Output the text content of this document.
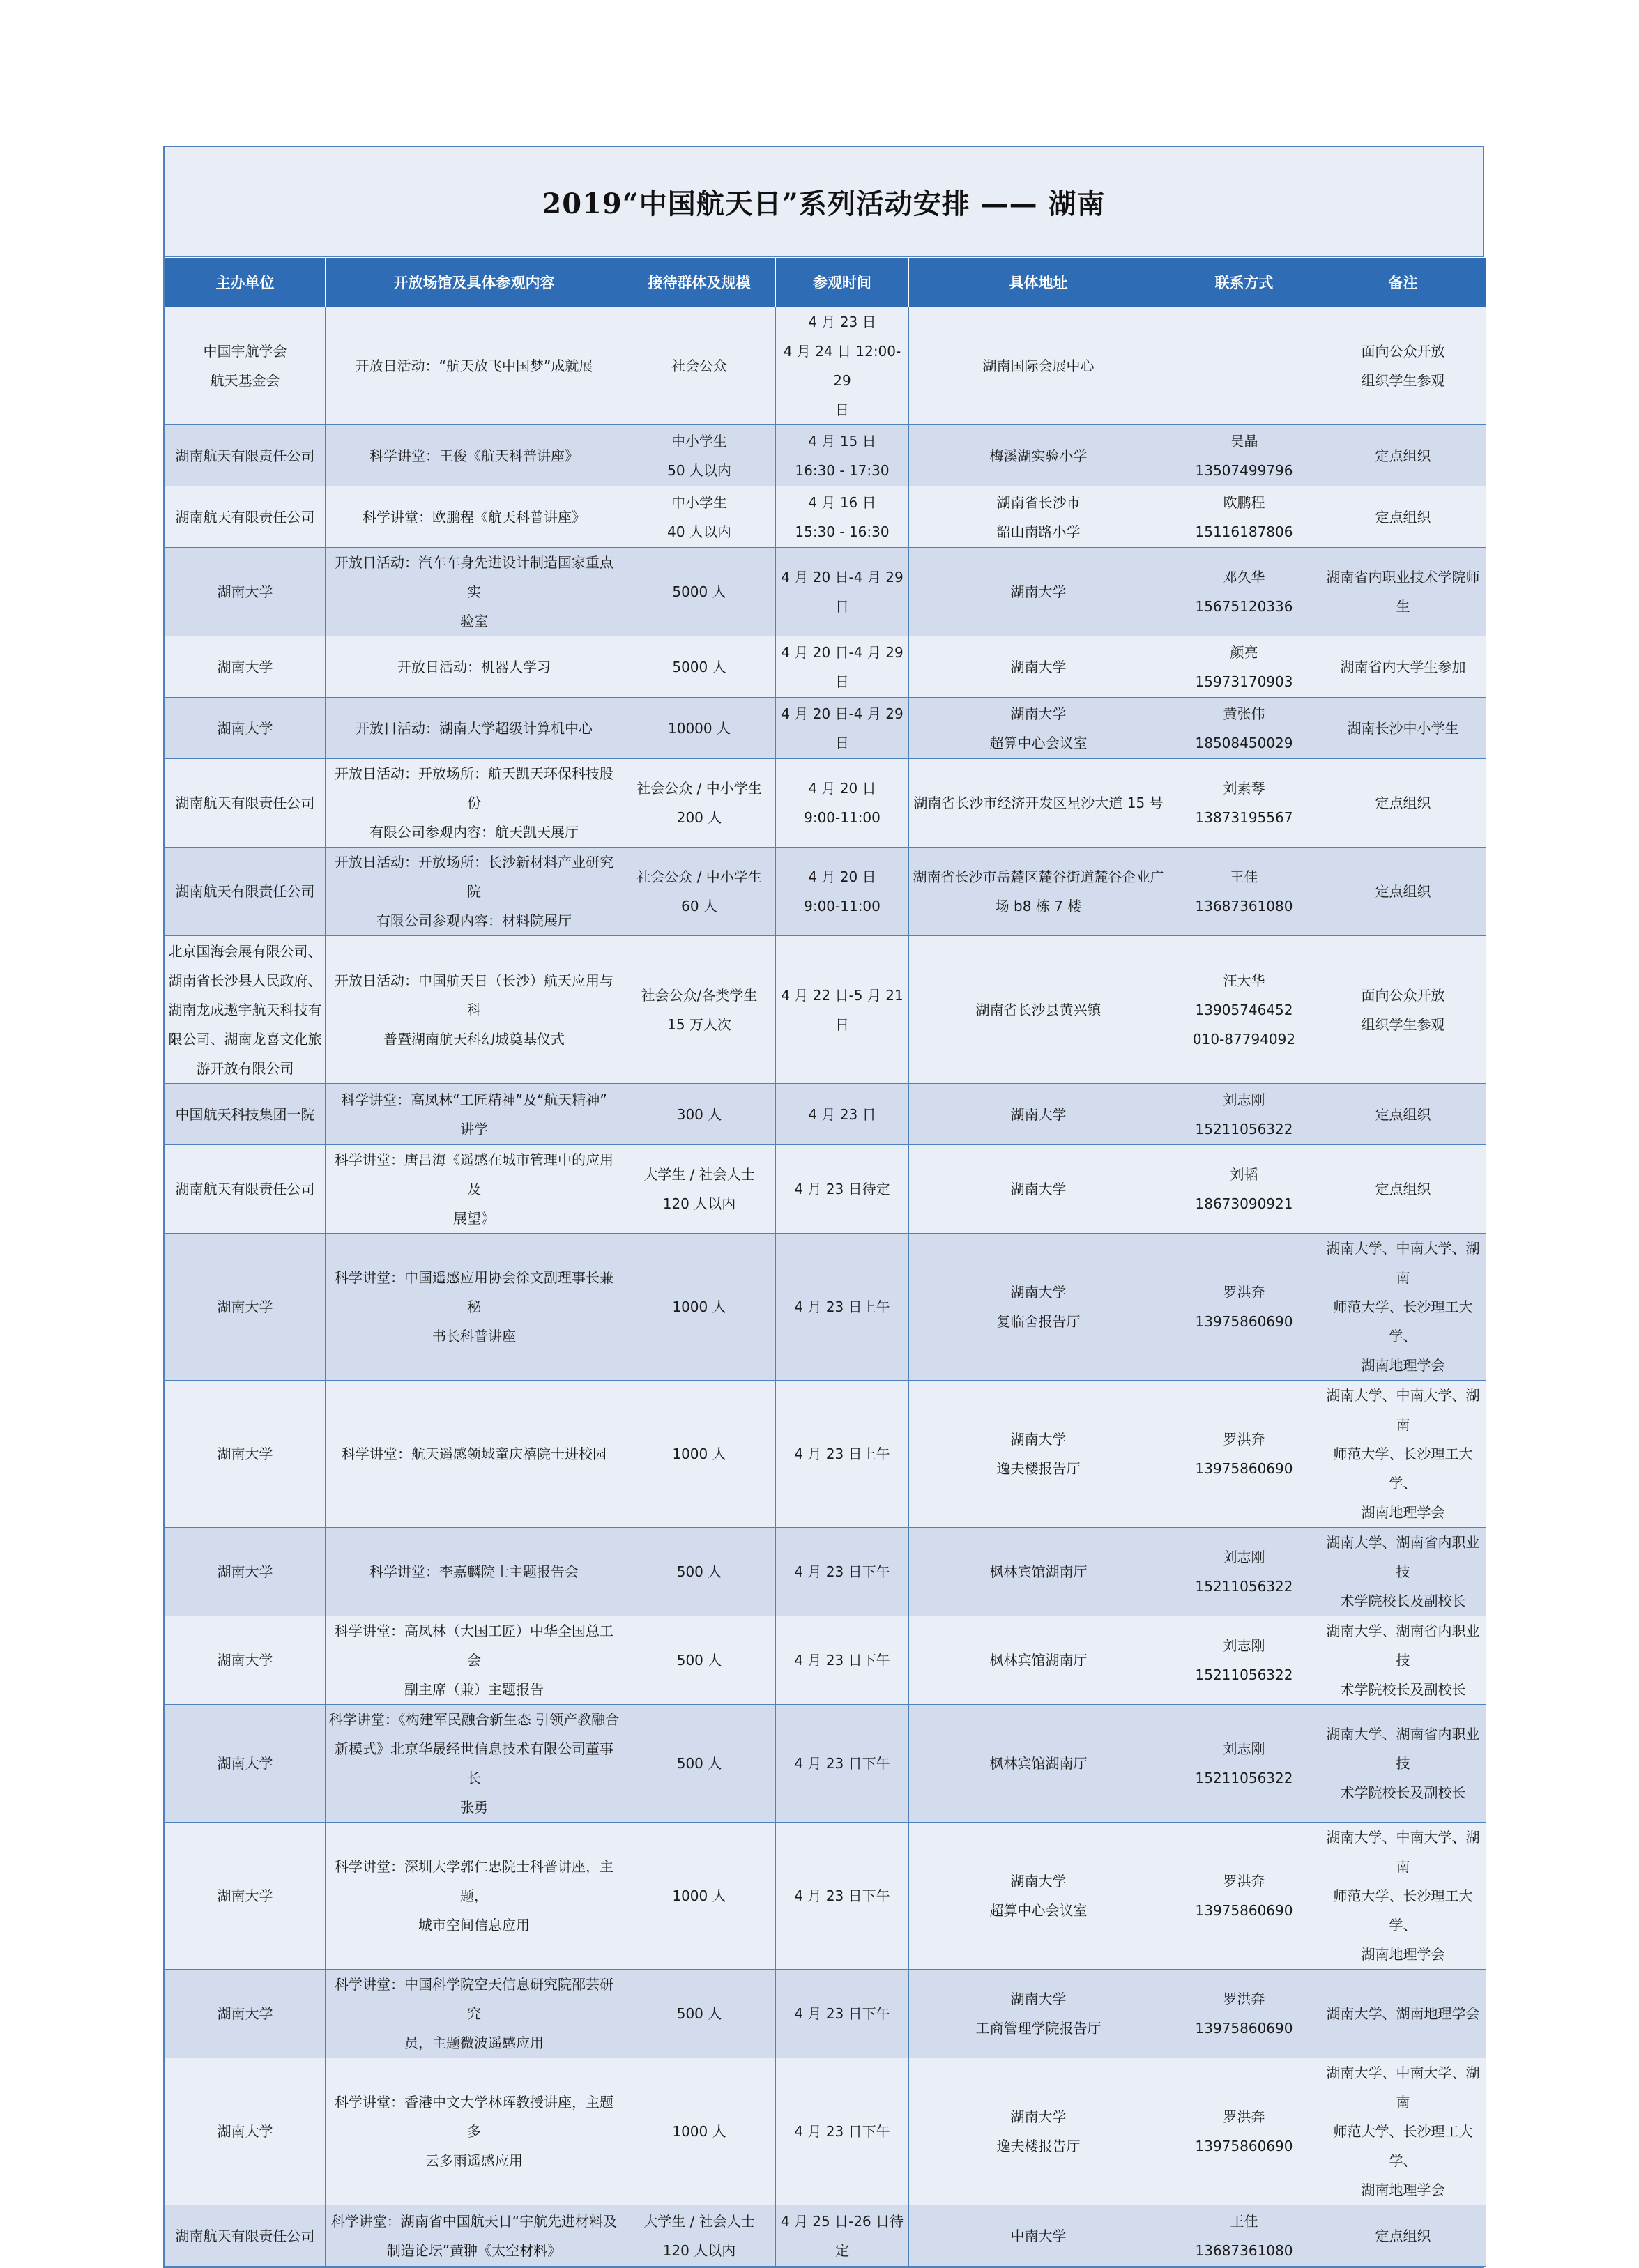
2019“中国航天日”系列活动安排 —— 湖南
主办单位	开放场馆及具体参观内容	接待群体及规模	参观时间	具体地址	联系方式	备注

中国宇航学会
航天基金会	开放日活动：“航天放飞中国梦”成就展	社会公众	4 月 23 日
4 月 24 日 12:00-29
日	湖南国际会展中心		面向公众开放
组织学生参观

湖南航天有限责任公司	科学讲堂：王俊《航天科普讲座》	中小学生
50 人以内	4 月 15 日
16:30 - 17:30	梅溪湖实验小学	吴晶
13507499796	定点组织

湖南航天有限责任公司	科学讲堂：欧鹏程《航天科普讲座》	中小学生
40 人以内	4 月 16 日
15:30 - 16:30	湖南省长沙市
韶山南路小学	欧鹏程
15116187806	定点组织

湖南大学	开放日活动：汽车车身先进设计制造国家重点实
验室	5000 人	4 月 20 日-4 月 29 日	湖南大学	邓久华
15675120336	湖南省内职业技术学院师
生

湖南大学	开放日活动：机器人学习	5000 人	4 月 20 日-4 月 29 日	湖南大学	颜亮
15973170903	湖南省内大学生参加

湖南大学	开放日活动：湖南大学超级计算机中心	10000 人	4 月 20 日-4 月 29 日	湖南大学
超算中心会议室	黄张伟
18508450029	湖南长沙中小学生

湖南航天有限责任公司	开放日活动：开放场所：航天凯天环保科技股份
有限公司参观内容：航天凯天展厅	社会公众 / 中小学生
200 人	4 月 20 日
9:00-11:00	湖南省长沙市经济开发区星沙大道 15 号	刘素琴
13873195567	定点组织

湖南航天有限责任公司	开放日活动：开放场所：长沙新材料产业研究院
有限公司参观内容：材料院展厅	社会公众 / 中小学生
60 人	4 月 20 日
9:00-11:00	湖南省长沙市岳麓区麓谷街道麓谷企业广
场 b8 栋 7 楼	王佳
13687361080	定点组织

北京国海会展有限公司、
湖南省长沙县人民政府、
湖南龙成遨宇航天科技有
限公司、湖南龙喜文化旅
游开放有限公司	开放日活动：中国航天日（长沙）航天应用与科
普暨湖南航天科幻城奠基仪式	社会公众/各类学生
15 万人次	4 月 22 日-5 月 21 日	湖南省长沙县黄兴镇	汪大华
13905746452
010-87794092	面向公众开放
组织学生参观

中国航天科技集团一院	科学讲堂：高凤林“工匠精神”及“航天精神”
讲学	300 人	4 月 23 日	湖南大学	刘志刚
15211056322	定点组织

湖南航天有限责任公司	科学讲堂：唐吕海《遥感在城市管理中的应用及
展望》	大学生 / 社会人士
120 人以内	4 月 23 日待定	湖南大学	刘韬
18673090921	定点组织

湖南大学	科学讲堂：中国遥感应用协会徐文副理事长兼秘
书长科普讲座	1000 人	4 月 23 日上午	湖南大学
复临舍报告厅	罗洪奔
13975860690	湖南大学、中南大学、湖南
师范大学、长沙理工大学、
湖南地理学会

湖南大学	科学讲堂：航天遥感领域童庆禧院士进校园	1000 人	4 月 23 日上午	湖南大学
逸夫楼报告厅	罗洪奔
13975860690	湖南大学、中南大学、湖南
师范大学、长沙理工大学、
湖南地理学会

湖南大学	科学讲堂：李嘉麟院士主题报告会	500 人	4 月 23 日下午	枫林宾馆湖南厅	刘志刚
15211056322	湖南大学、湖南省内职业技
术学院校长及副校长

湖南大学	科学讲堂：高凤林（大国工匠）中华全国总工会
副主席（兼）主题报告	500 人	4 月 23 日下午	枫林宾馆湖南厅	刘志刚
15211056322	湖南大学、湖南省内职业技
术学院校长及副校长

湖南大学	科学讲堂：《构建军民融合新生态 引领产教融合
新模式》北京华晟经世信息技术有限公司董事长
张勇	500 人	4 月 23 日下午	枫林宾馆湖南厅	刘志刚
15211056322	湖南大学、湖南省内职业技
术学院校长及副校长

湖南大学	科学讲堂：深圳大学郭仁忠院士科普讲座，主题，
城市空间信息应用	1000 人	4 月 23 日下午	湖南大学
超算中心会议室	罗洪奔
13975860690	湖南大学、中南大学、湖南
师范大学、长沙理工大学、
湖南地理学会

湖南大学	科学讲堂：中国科学院空天信息研究院邵芸研究
员，主题微波遥感应用	500 人	4 月 23 日下午	湖南大学
工商管理学院报告厅	罗洪奔
13975860690	湖南大学、湖南地理学会

湖南大学	科学讲堂：香港中文大学林珲教授讲座，主题多
云多雨遥感应用	1000 人	4 月 23 日下午	湖南大学
逸夫楼报告厅	罗洪奔
13975860690	湖南大学、中南大学、湖南
师范大学、长沙理工大学、
湖南地理学会

湖南航天有限责任公司	科学讲堂：湖南省中国航天日“宇航先进材料及
制造论坛”黄翀《太空材料》	大学生 / 社会人士
120 人以内	4 月 25 日-26 日待定	中南大学	王佳
13687361080	定点组织
